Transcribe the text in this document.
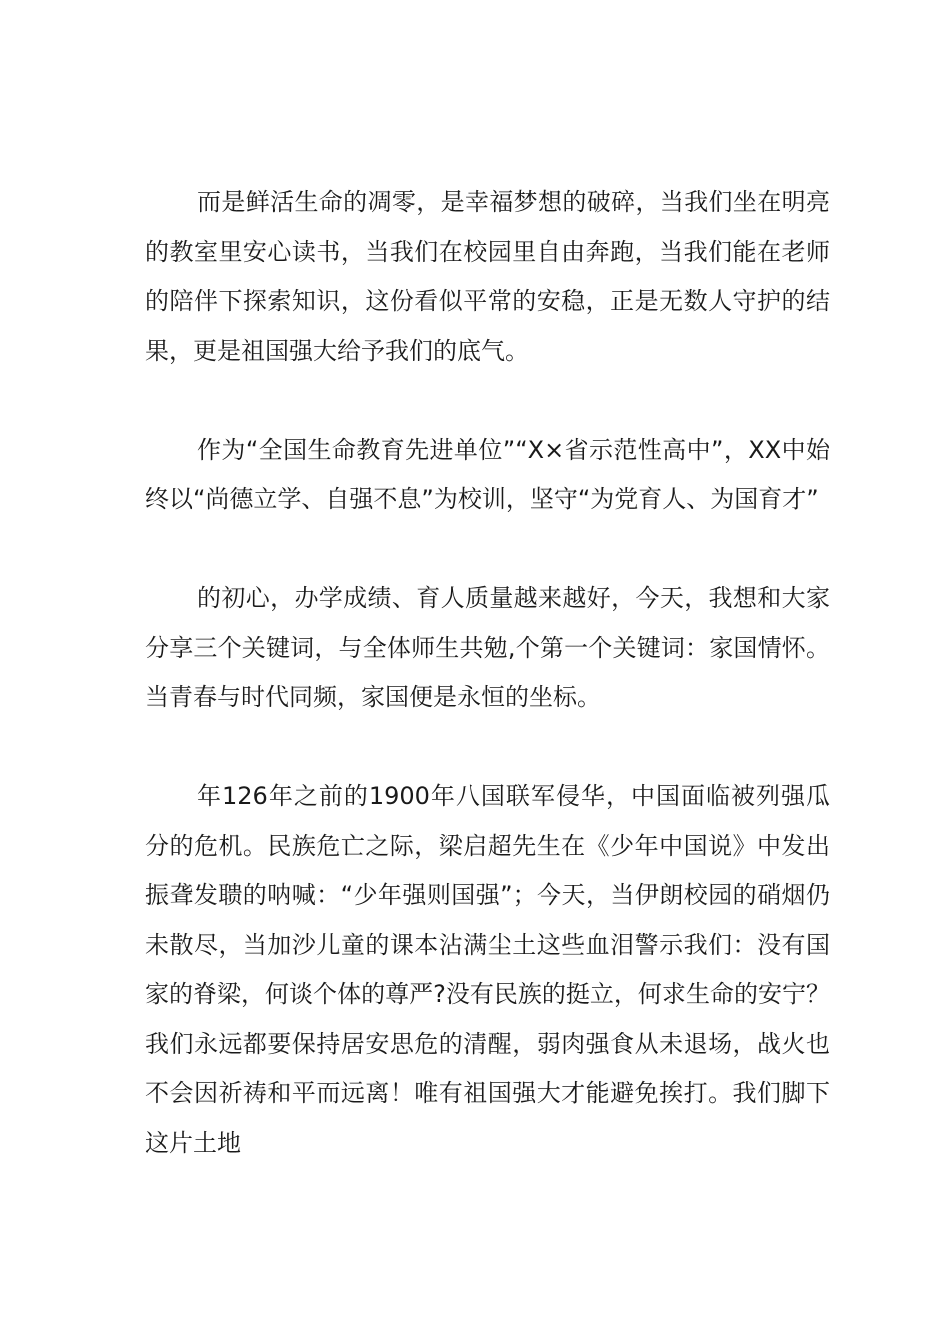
而是鲜活生命的凋零，是幸福梦想的破碎，当我们坐在明亮的教室里安心读书，当我们在校园里自由奔跑，当我们能在老师的陪伴下探索知识，这份看似平常的安稳，正是无数人守护的结果，更是祖国强大给予我们的底气。

作为“全国生命教育先进单位”“X×省示范性高中”，XX中始终以“尚德立学、自强不息”为校训，坚守“为党育人、为国育才”

的初心，办学成绩、育人质量越来越好，今天，我想和大家分享三个关键词，与全体师生共勉,个第一个关键词：家国情怀。当青春与时代同频，家国便是永恒的坐标。

年126年之前的1900年八国联军侵华，中国面临被列强瓜分的危机。民族危亡之际，梁启超先生在《少年中国说》中发出振聋发聩的呐喊：“少年强则国强”；今天，当伊朗校园的硝烟仍未散尽，当加沙儿童的课本沾满尘土这些血泪警示我们：没有国家的脊梁，何谈个体的尊严?没有民族的挺立，何求生命的安宁？我们永远都要保持居安思危的清醒，弱肉强食从未退场，战火也不会因祈祷和平而远离！唯有祖国强大才能避免挨打。我们脚下这片土地
